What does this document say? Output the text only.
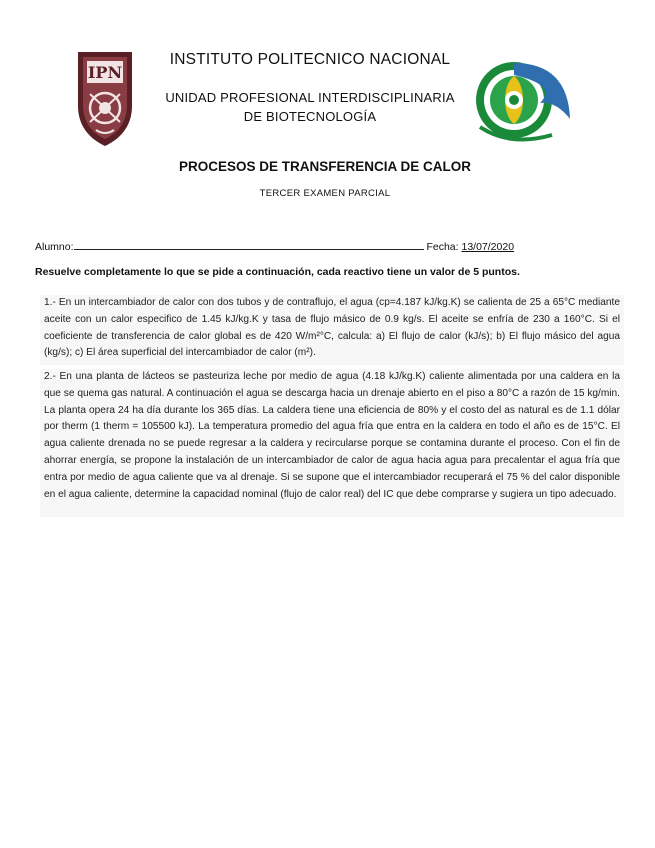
IPN
INSTITUTO POLITECNICO NACIONAL
UNIDAD PROFESIONAL INTERDISCIPLINARIA
DE BIOTECNOLOGÍA
PROCESOS DE TRANSFERENCIA DE CALOR
TERCER EXAMEN PARCIAL
Alumno:	Fecha: 13/07/2020
Resuelve completamente lo que se pide a continuación, cada reactivo tiene un valor de 5 puntos.
1.- En un intercambiador de calor con dos tubos y de contraflujo, el agua (cp=4.187 kJ/kg.K) se calienta de 25 a 65°C mediante aceite con un calor especifico de 1.45 kJ/kg.K y tasa de flujo másico de 0.9 kg/s. El aceite se enfría de 230 a 160°C. Si el coeficiente de transferencia de calor global es de 420 W/m²°C, calcula: a) El flujo de calor (kJ/s); b) El flujo másico del agua (kg/s); c) El área superficial del intercambiador de calor (m²).
2.- En una planta de lácteos se pasteuriza leche por medio de agua (4.18 kJ/kg.K) caliente alimentada por una caldera en la que se quema gas natural. A continuación el agua se descarga hacia un drenaje abierto en el piso a 80°C a razón de 15 kg/min. La planta opera 24 ha día durante los 365 días. La caldera tiene una eficiencia de 80% y el costo del as natural es de 1.1 dólar por therm (1 therm = 105500 kJ). La temperatura promedio del agua fría que entra en la caldera en todo el año es de 15°C. El agua caliente drenada no se puede regresar a la caldera y recircularse porque se contamina durante el proceso. Con el fin de ahorrar energía, se propone la instalación de un intercambiador de calor de agua hacia agua para precalentar el agua fría que entra por medio de agua caliente que va al drenaje. Si se supone que el intercambiador recuperará el 75 % del calor disponible en el agua caliente, determine la capacidad nominal (flujo de calor real) del IC que debe comprarse y sugiera un tipo adecuado.
